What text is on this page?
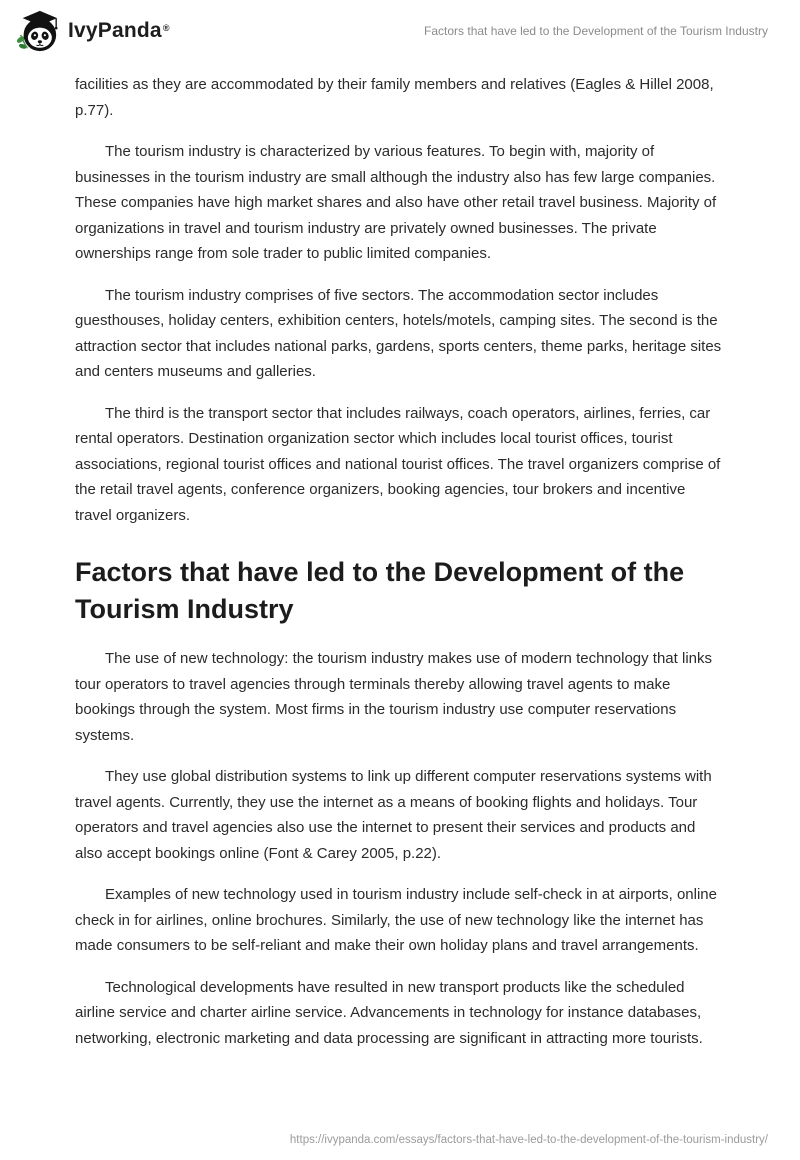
IvyPanda®	Factors that have led to the Development of the Tourism Industry

facilities as they are accommodated by their family members and relatives (Eagles & Hillel 2008, p.77).

The tourism industry is characterized by various features. To begin with, majority of businesses in the tourism industry are small although the industry also has few large companies. These companies have high market shares and also have other retail travel business. Majority of organizations in travel and tourism industry are privately owned businesses. The private ownerships range from sole trader to public limited companies.

The tourism industry comprises of five sectors. The accommodation sector includes guesthouses, holiday centers, exhibition centers, hotels/motels, camping sites. The second is the attraction sector that includes national parks, gardens, sports centers, theme parks, heritage sites and centers museums and galleries.

The third is the transport sector that includes railways, coach operators, airlines, ferries, car rental operators. Destination organization sector which includes local tourist offices, tourist associations, regional tourist offices and national tourist offices. The travel organizers comprise of the retail travel agents, conference organizers, booking agencies, tour brokers and incentive travel organizers.

Factors that have led to the Development of the Tourism Industry

The use of new technology: the tourism industry makes use of modern technology that links tour operators to travel agencies through terminals thereby allowing travel agents to make bookings through the system. Most firms in the tourism industry use computer reservations systems.

They use global distribution systems to link up different computer reservations systems with travel agents. Currently, they use the internet as a means of booking flights and holidays. Tour operators and travel agencies also use the internet to present their services and products and also accept bookings online (Font & Carey 2005, p.22).

Examples of new technology used in tourism industry include self-check in at airports, online check in for airlines, online brochures. Similarly, the use of new technology like the internet has made consumers to be self-reliant and make their own holiday plans and travel arrangements.

Technological developments have resulted in new transport products like the scheduled airline service and charter airline service. Advancements in technology for instance databases, networking, electronic marketing and data processing are significant in attracting more tourists.

https://ivypanda.com/essays/factors-that-have-led-to-the-development-of-the-tourism-industry/
